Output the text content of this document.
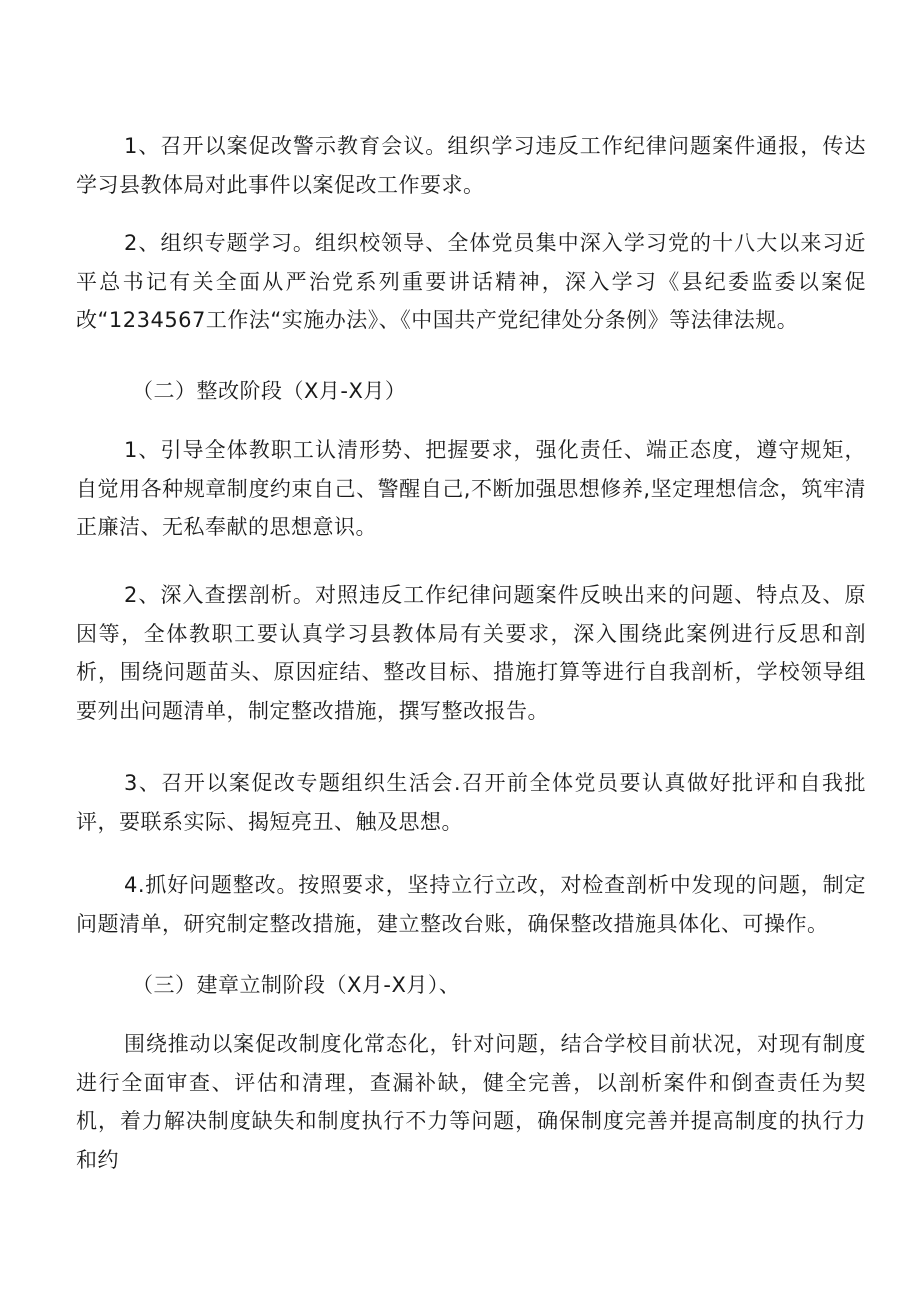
1、召开以案促改警示教育会议。组织学习违反工作纪律问题案件通报，传达学习县教体局对此事件以案促改工作要求。

2、组织专题学习。组织校领导、全体党员集中深入学习党的十八大以来习近平总书记有关全面从严治党系列重要讲话精神，深入学习《县纪委监委以案促改“1234567工作法“实施办法》、《中国共产党纪律处分条例》等法律法规。

（二）整改阶段（X月-X月）

1、引导全体教职工认清形势、把握要求，强化责任、端正态度，遵守规矩，自觉用各种规章制度约束自己、警醒自己,不断加强思想修养,坚定理想信念，筑牢清正廉洁、无私奉献的思想意识。

2、深入查摆剖析。对照违反工作纪律问题案件反映出来的问题、特点及、原因等，全体教职工要认真学习县教体局有关要求，深入围绕此案例进行反思和剖析，围绕问题苗头、原因症结、整改目标、措施打算等进行自我剖析，学校领导组要列出问题清单，制定整改措施，撰写整改报告。

3、召开以案促改专题组织生活会.召开前全体党员要认真做好批评和自我批评，要联系实际、揭短亮丑、触及思想。

4.抓好问题整改。按照要求，坚持立行立改，对检查剖析中发现的问题，制定问题清单，研究制定整改措施，建立整改台账，确保整改措施具体化、可操作。

（三）建章立制阶段（X月-X月）、

围绕推动以案促改制度化常态化，针对问题，结合学校目前状况，对现有制度进行全面审查、评估和清理，查漏补缺，健全完善，以剖析案件和倒查责任为契机，着力解决制度缺失和制度执行不力等问题，确保制度完善并提高制度的执行力和约
